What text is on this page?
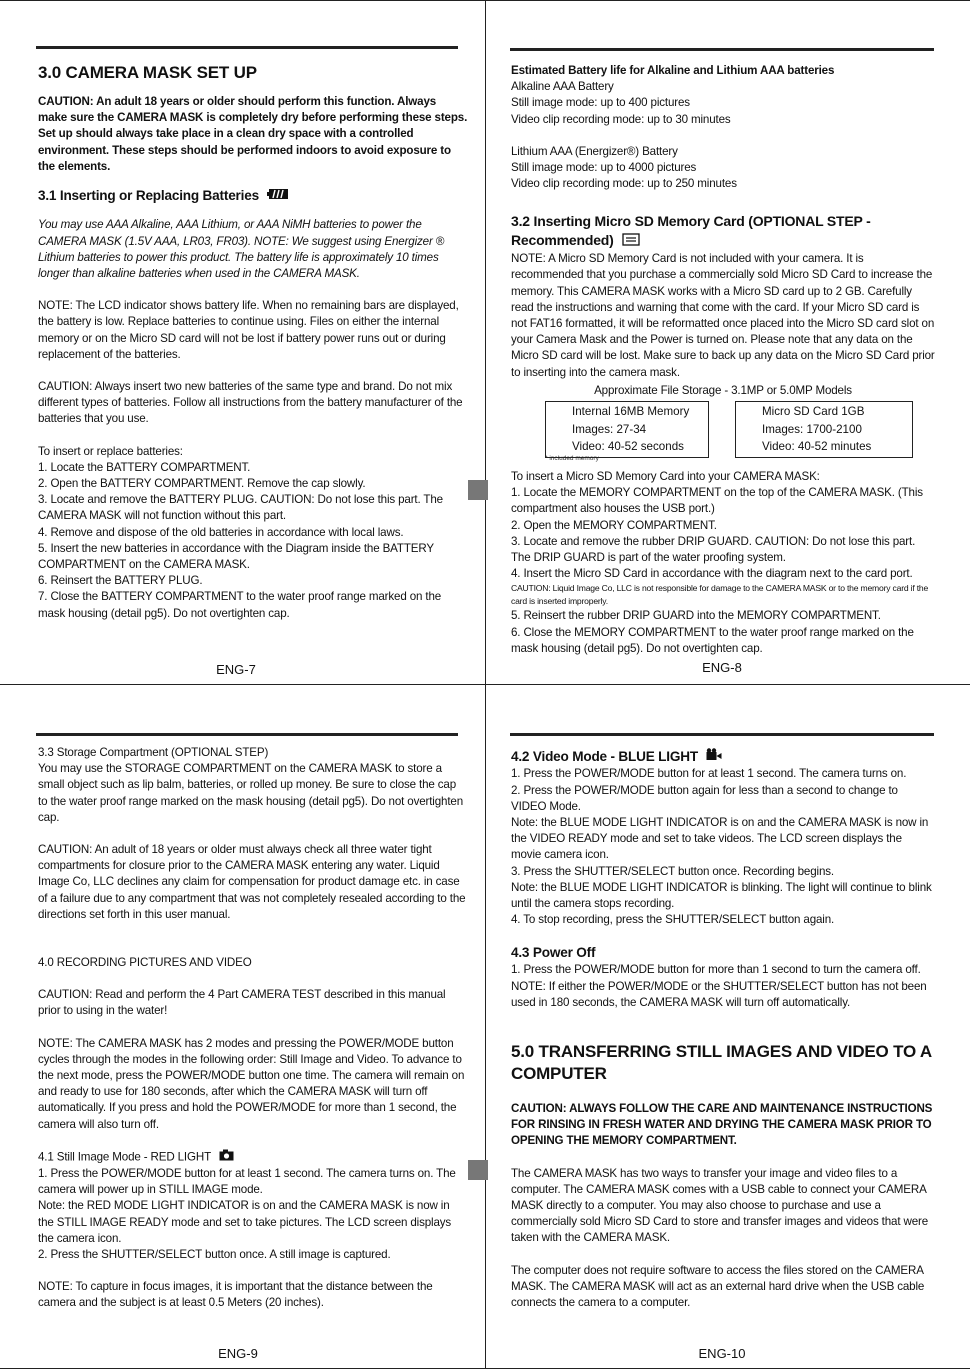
3.0 CAMERA MASK SET UP

CAUTION: An adult 18 years or older should perform this function. Always make sure the CAMERA MASK is completely dry before performing these steps. Set up should always take place in a clean dry space with a controlled environment. These steps should be performed indoors to avoid exposure to the elements.

3.1 Inserting or Replacing Batteries

You may use AAA Alkaline, AAA Lithium, or AAA NiMH batteries to power the CAMERA MASK (1.5V AAA, LR03, FR03). NOTE: We suggest using Energizer ® Lithium batteries to power this product. The battery life is approximately 10 times longer than alkaline batteries when used in the CAMERA MASK.

NOTE: The LCD indicator shows battery life. When no remaining bars are displayed, the battery is low. Replace batteries to continue using. Files on either the internal memory or on the Micro SD card will not be lost if battery power runs out or during replacement of the batteries.

CAUTION: Always insert two new batteries of the same type and brand. Do not mix different types of batteries. Follow all instructions from the battery manufacturer of the batteries that you use.

To insert or replace batteries:

1. Locate the BATTERY COMPARTMENT.

2. Open the BATTERY COMPARTMENT. Remove the cap slowly.

3. Locate and remove the BATTERY PLUG. CAUTION: Do not lose this part. The CAMERA MASK will not function without this part.

4. Remove and dispose of the old batteries in accordance with local laws.

5. Insert the new batteries in accordance with the Diagram inside the BATTERY COMPARTMENT on the CAMERA MASK.

6. Reinsert the BATTERY PLUG.

7. Close the BATTERY COMPARTMENT to the water proof range marked on the mask housing (detail pg5). Do not overtighten cap.

ENG-7

Estimated Battery life for Alkaline and Lithium AAA batteries

Alkaline AAA Battery

Still image mode: up to 400 pictures

Video clip recording mode: up to 30 minutes

Lithium AAA (Energizer®) Battery

Still image mode: up to 4000 pictures

Video clip recording mode: up to 250 minutes

3.2 Inserting Micro SD Memory Card (OPTIONAL STEP - Recommended)

NOTE: A Micro SD Memory Card is not included with your camera. It is recommended that you purchase a commercially sold Micro SD Card to increase the memory. This CAMERA MASK works with a Micro SD card up to 2 GB. Carefully read the instructions and warning that come with the card. If your Micro SD card is not FAT16 formatted, it will be reformatted once placed into the Micro SD card slot on your Camera Mask and the Power is turned on. Please note that any data on the Micro SD card will be lost. Make sure to back up any data on the Micro SD Card prior to inserting into the camera mask.

Approximate File Storage - 3.1MP or 5.0MP Models

Internal 16MB Memory
Images: 27-34
Video: 40-52 seconds
Micro SD Card 1GB
Images: 1700-2100
Video: 40-52 minutes
* included memory

To insert a Micro SD Memory Card into your CAMERA MASK:

1. Locate the MEMORY COMPARTMENT on the top of the CAMERA MASK. (This compartment also houses the USB port.)

2. Open the MEMORY COMPARTMENT.

3. Locate and remove the rubber DRIP GUARD. CAUTION: Do not lose this part. The DRIP GUARD is part of the water proofing system.

4. Insert the Micro SD Card in accordance with the diagram next to the card port.

CAUTION: Liquid Image Co, LLC is not responsible for damage to the CAMERA MASK or to the memory card if the card is inserted improperly.

5. Reinsert the rubber DRIP GUARD into the MEMORY COMPARTMENT.

6. Close the MEMORY COMPARTMENT to the water proof range marked on the mask housing (detail pg5). Do not overtighten cap.

ENG-8

3.3 Storage Compartment (OPTIONAL STEP)

You may use the STORAGE COMPARTMENT on the CAMERA MASK to store a small object such as lip balm, batteries, or rolled up money. Be sure to close the cap to the water proof range marked on the mask housing (detail pg5). Do not overtighten cap.

CAUTION: An adult of 18 years or older must always check all three water tight compartments for closure prior to the CAMERA MASK entering any water. Liquid Image Co, LLC declines any claim for compensation for product damage etc. in case of a failure due to any compartment that was not completely resealed according to the directions set forth in this user manual.

4.0 RECORDING PICTURES AND VIDEO

CAUTION: Read and perform the 4 Part CAMERA TEST described in this manual prior to using in the water!

NOTE: The CAMERA MASK has 2 modes and pressing the POWER/MODE button cycles through the modes in the following order: Still Image and Video. To advance to the next mode, press the POWER/MODE button one time. The camera will remain on and ready to use for 180 seconds, after which the CAMERA MASK will turn off automatically. If you press and hold the POWER/MODE for more than 1 second, the camera will also turn off.

4.1 Still Image Mode - RED LIGHT

1. Press the POWER/MODE button for at least 1 second. The camera turns on. The camera will power up in STILL IMAGE mode.

Note: the RED MODE LIGHT INDICATOR is on and the CAMERA MASK is now in the STILL IMAGE READY mode and set to take pictures. The LCD screen displays the camera icon.

2. Press the SHUTTER/SELECT button once. A still image is captured.

NOTE: To capture in focus images, it is important that the distance between the camera and the subject is at least 0.5 Meters (20 inches).

ENG-9
4.2 Video Mode - BLUE LIGHT

1. Press the POWER/MODE button for at least 1 second. The camera turns on.

2. Press the POWER/MODE button again for less than a second to change to VIDEO Mode.

Note: the BLUE MODE LIGHT INDICATOR is on and the CAMERA MASK is now in the VIDEO READY mode and set to take videos. The LCD screen displays the movie camera icon.

3. Press the SHUTTER/SELECT button once. Recording begins.

Note: the BLUE MODE LIGHT INDICATOR is blinking. The light will continue to blink until the camera stops recording.

4. To stop recording, press the SHUTTER/SELECT button again.

4.3 Power Off

1. Press the POWER/MODE button for more than 1 second to turn the camera off.

NOTE: If either the POWER/MODE or the SHUTTER/SELECT button has not been used in 180 seconds, the CAMERA MASK will turn off automatically.

5.0 TRANSFERRING STILL IMAGES AND VIDEO TO A COMPUTER

CAUTION: ALWAYS FOLLOW THE CARE AND MAINTENANCE INSTRUCTIONS FOR RINSING IN FRESH WATER AND DRYING THE CAMERA MASK PRIOR TO OPENING THE MEMORY COMPARTMENT.

The CAMERA MASK has two ways to transfer your image and video files to a computer. The CAMERA MASK comes with a USB cable to connect your CAMERA MASK directly to a computer. You may also choose to purchase and use a commercially sold Micro SD Card to store and transfer images and videos that were taken with the CAMERA MASK.

The computer does not require software to access the files stored on the CAMERA MASK. The CAMERA MASK will act as an external hard drive when the USB cable connects the camera to a computer.

ENG-10
